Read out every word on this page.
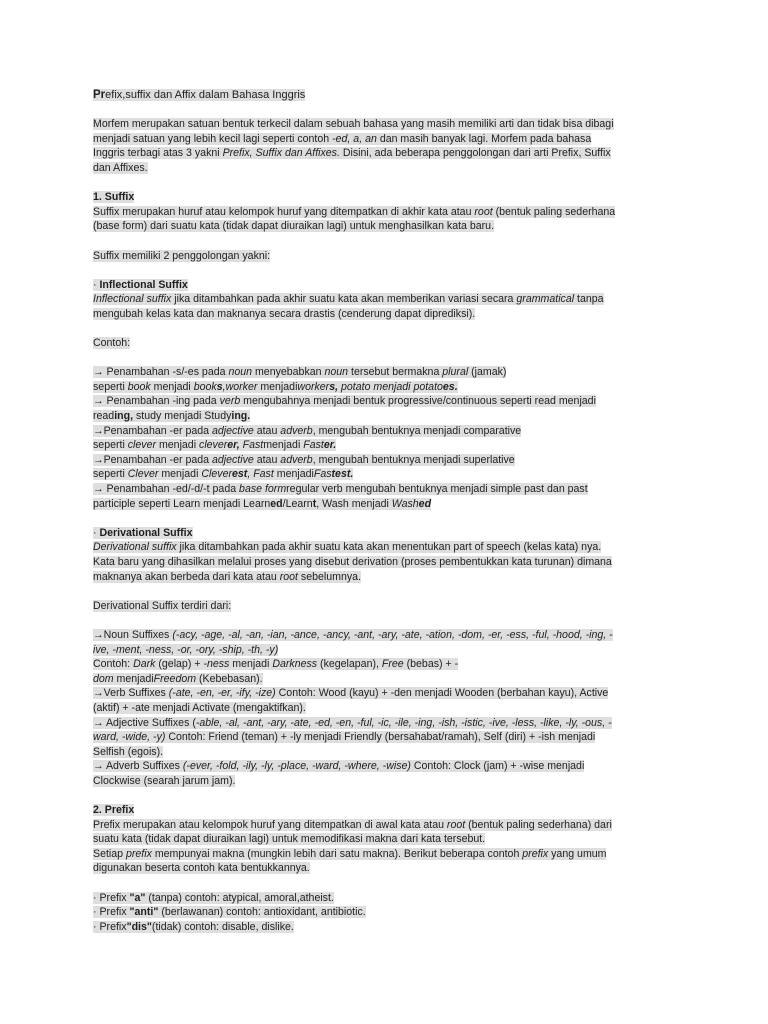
Prefix,suffix dan Affix dalam Bahasa Inggris
Morfem merupakan satuan bentuk terkecil dalam sebuah bahasa yang masih memiliki arti dan tidak bisa dibagi
menjadi satuan yang lebih kecil lagi seperti contoh -ed, a, an dan masih banyak lagi. Morfem pada bahasa
Inggris terbagi atas 3 yakni Prefix, Suffix dan Affixes. Disini, ada beberapa penggolongan dari arti Prefix, Suffix
dan Affixes.
1. Suffix
Suffix merupakan huruf atau kelompok huruf yang ditempatkan di akhir kata atau root (bentuk paling sederhana
(base form) dari suatu kata (tidak dapat diuraikan lagi) untuk menghasilkan kata baru.
Suffix memiliki 2 penggolongan yakni:
· Inflectional Suffix
Inflectional suffix jika ditambahkan pada akhir suatu kata akan memberikan variasi secara grammatical tanpa
mengubah kelas kata dan maknanya secara drastis (cenderung dapat diprediksi).
Contoh:
→ Penambahan -s/-es pada noun menyebabkan noun tersebut bermakna plural (jamak)
seperti book menjadi books,worker menjadiworkers, potato menjadi potatoes.
→ Penambahan -ing pada verb mengubahnya menjadi bentuk progressive/continuous seperti read menjadi
reading, study menjadi Studying.
→Penambahan -er pada adjective atau adverb, mengubah bentuknya menjadi comparative
seperti clever menjadi cleverer, Fastmenjadi Faster.
→Penambahan -er pada adjective atau adverb, mengubah bentuknya menjadi superlative
seperti Clever menjadi Cleverest, Fast menjadiFastest.
→ Penambahan -ed/-d/-t pada base formregular verb mengubah bentuknya menjadi simple past dan past
participle seperti Learn menjadi Learned/Learnt, Wash menjadi Washed
· Derivational Suffix
Derivational suffix jika ditambahkan pada akhir suatu kata akan menentukan part of speech (kelas kata) nya.
Kata baru yang dihasilkan melalui proses yang disebut derivation (proses pembentukkan kata turunan) dimana
maknanya akan berbeda dari kata atau root sebelumnya.
Derivational Suffix terdiri dari:
→Noun Suffixes (-acy, -age, -al, -an, -ian, -ance, -ancy, -ant, -ary, -ate, -ation, -dom, -er, -ess, -ful, -hood, -ing, -
ive, -ment, -ness, -or, -ory, -ship, -th, -y)
Contoh: Dark (gelap) + -ness menjadi Darkness (kegelapan), Free (bebas) + -
dom menjadiFreedom (Kebebasan).
→Verb Suffixes (-ate, -en, -er, -ify, -ize) Contoh: Wood (kayu) + -den menjadi Wooden (berbahan kayu), Active
(aktif) + -ate menjadi Activate (mengaktifkan).
→ Adjective Suffixes (-able, -al, -ant, -ary, -ate, -ed, -en, -ful, -ic, -ile, -ing, -ish, -istic, -ive, -less, -like, -ly, -ous, -
ward, -wide, -y) Contoh: Friend (teman) + -ly menjadi Friendly (bersahabat/ramah), Self (diri) + -ish menjadi
Selfish (egois).
→ Adverb Suffixes (-ever, -fold, -ily, -ly, -place, -ward, -where, -wise) Contoh: Clock (jam) + -wise menjadi
Clockwise (searah jarum jam).
2. Prefix
Prefix merupakan atau kelompok huruf yang ditempatkan di awal kata atau root (bentuk paling sederhana) dari
suatu kata (tidak dapat diuraikan lagi) untuk memodifikasi makna dari kata tersebut.
Setiap prefix mempunyai makna (mungkin lebih dari satu makna). Berikut beberapa contoh prefix yang umum
digunakan beserta contoh kata bentukkannya.
· Prefix "a" (tanpa) contoh: atypical, amoral,atheist.
· Prefix "anti" (berlawanan) contoh: antioxidant, antibiotic.
· Prefix"dis"(tidak) contoh: disable, dislike.
